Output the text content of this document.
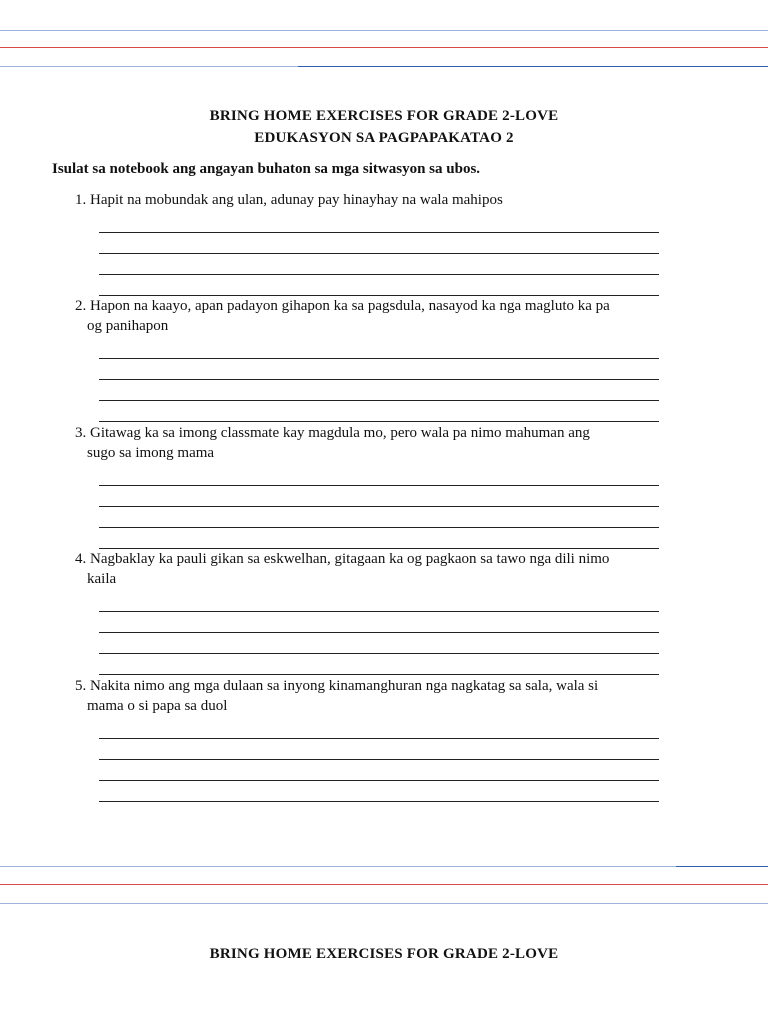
BRING HOME EXERCISES FOR GRADE 2-LOVE
EDUKASYON SA PAGPAPAKATAO 2
Isulat sa notebook ang angayan buhaton sa mga sitwasyon sa ubos.
1. Hapit na mobundak ang ulan, adunay pay hinayhay na wala mahipos
2. Hapon na kaayo, apan padayon gihapon ka sa pagsdula, nasayod ka nga magluto ka pa
og panihapon
3. Gitawag ka sa imong classmate kay magdula mo, pero wala pa nimo mahuman ang
sugo sa imong mama
4. Nagbaklay ka pauli gikan sa eskwelhan, gitagaan ka og pagkaon sa tawo nga dili nimo
kaila
5. Nakita nimo ang mga dulaan sa inyong kinamanghuran nga nagkatag sa sala, wala si
mama o si papa sa duol
BRING HOME EXERCISES FOR GRADE 2-LOVE
